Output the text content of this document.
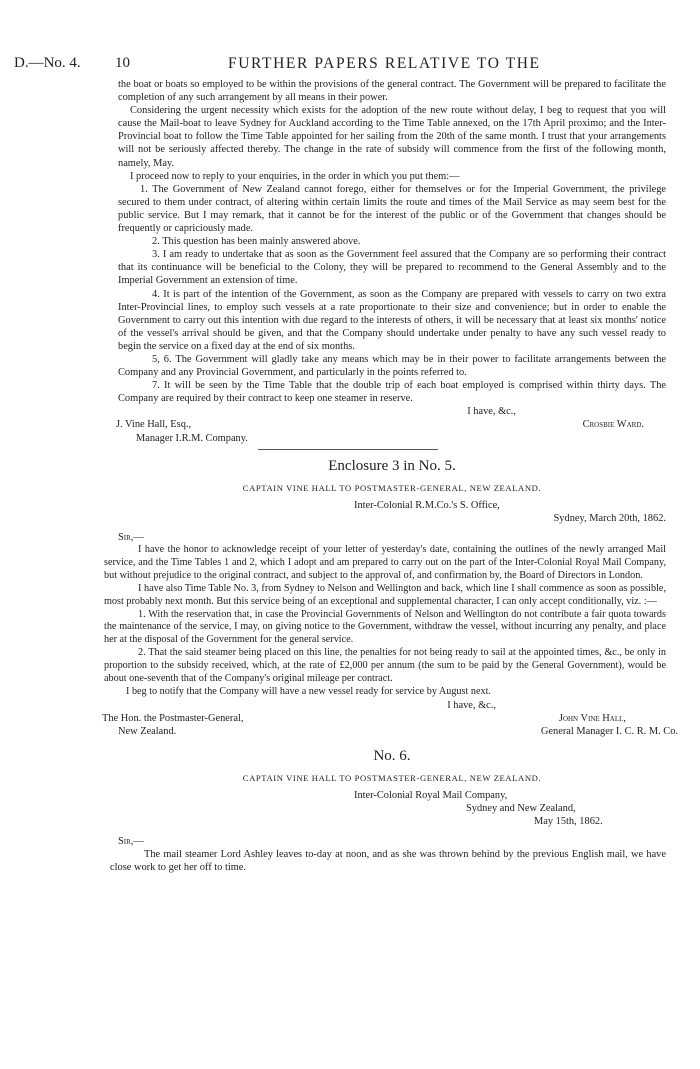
D.—No. 4. 10	FURTHER PAPERS RELATIVE TO THE

the boat or boats so employed to be within the provisions of the general contract. The Government will be prepared to facilitate the completion of any such arrangement by all means in their power.

Considering the urgent necessity which exists for the adoption of the new route without delay, I beg to request that you will cause the Mail-boat to leave Sydney for Auckland according to the Time Table annexed, on the 17th April proximo; and the Inter-Provincial boat to follow the Time Table appointed for her sailing from the 20th of the same month. I trust that your arrangements will not be seriously affected thereby. The change in the rate of subsidy will commence from the first of the following month, namely, May.

I proceed now to reply to your enquiries, in the order in which you put them:—

1. The Government of New Zealand cannot forego, either for themselves or for the Imperial Government, the privilege secured to them under contract, of altering within certain limits the route and times of the Mail Service as may seem best for the public service. But I may remark, that it cannot be for the interest of the public or of the Government that changes should be frequently or capriciously made.

2. This question has been mainly answered above.

3. I am ready to undertake that as soon as the Government feel assured that the Company are so performing their contract that its continuance will be beneficial to the Colony, they will be prepared to recommend to the General Assembly and to the Imperial Government an extension of time.

4. It is part of the intention of the Government, as soon as the Company are prepared with vessels to carry on two extra Inter-Provincial lines, to employ such vessels at a rate proportionate to their size and convenience; but in order to enable the Government to carry out this intention with due regard to the interests of others, it will be necessary that at least six months' notice of the vessel's arrival should be given, and that the Company should undertake under penalty to have any such vessel ready to begin the service on a fixed day at the end of six months.

5, 6. The Government will gladly take any means which may be in their power to facilitate arrangements between the Company and any Provincial Government, and particularly in the points referred to.

7. It will be seen by the Time Table that the double trip of each boat employed is comprised within thirty days. The Company are required by their contract to keep one steamer in reserve.

I have, &c.,

J. Vine Hall, Esq.,	Crosbie Ward.

Manager I.R.M. Company.

Enclosure 3 in No. 5.

CAPTAIN VINE HALL TO POSTMASTER-GENERAL, NEW ZEALAND.

Inter-Colonial R.M.Co.'s S. Office,

Sydney, March 20th, 1862.

Sir,—

I have the honor to acknowledge receipt of your letter of yesterday's date, containing the outlines of the newly arranged Mail service, and the Time Tables 1 and 2, which I adopt and am prepared to carry out on the part of the Inter-Colonial Royal Mail Company, but without prejudice to the original contract, and subject to the approval of, and confirmation by, the Board of Directors in London.

I have also Time Table No. 3, from Sydney to Nelson and Wellington and back, which line I shall commence as soon as possible, most probably next month. But this service being of an exceptional and supplemental character, I can only accept conditionally, viz. :—

1. With the reservation that, in case the Provincial Governments of Nelson and Wellington do not contribute a fair quota towards the maintenance of the service, I may, on giving notice to the Government, withdraw the vessel, without incurring any penalty, and place her at the disposal of the Government for the general service.

2. That the said steamer being placed on this line, the penalties for not being ready to sail at the appointed times, &c., be only in proportion to the subsidy received, which, at the rate of £2,000 per annum (the sum to be paid by the General Government), would be about one-seventh that of the Company's original mileage per contract.

I beg to notify that the Company will have a new vessel ready for service by August next.

I have, &c.,

The Hon. the Postmaster-General,	John Vine Hall,
New Zealand.	General Manager I. C. R. M. Co.

No. 6.

CAPTAIN VINE HALL TO POSTMASTER-GENERAL, NEW ZEALAND.

Inter-Colonial Royal Mail Company,

Sydney and New Zealand,

May 15th, 1862.

Sir,—

The mail steamer Lord Ashley leaves to-day at noon, and as she was thrown behind by the previous English mail, we have close work to get her off to time.
